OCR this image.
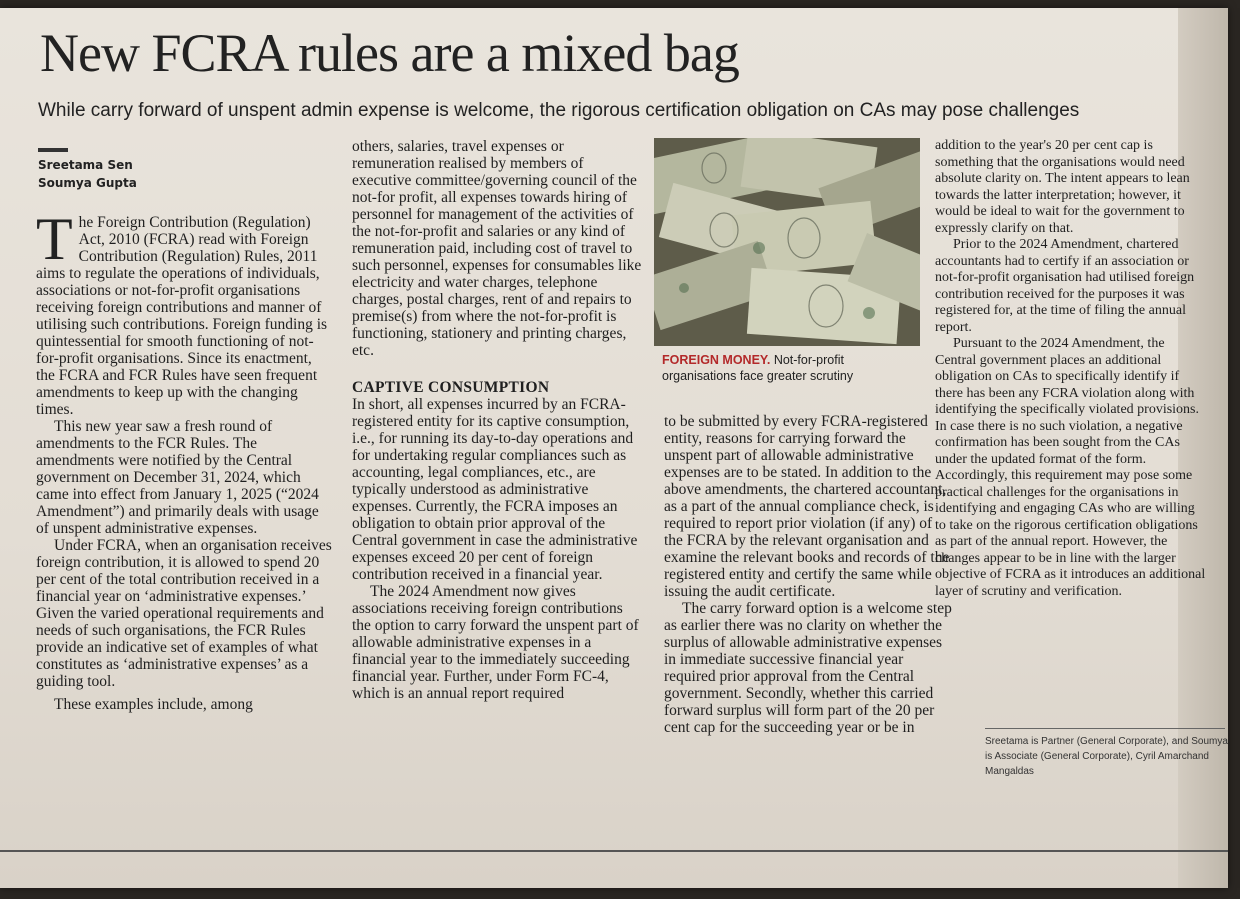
New FCRA rules are a mixed bag

While carry forward of unspent admin expense is welcome, the rigorous certification obligation on CAs may pose challenges

Sreetama Sen
Soumya Gupta

The Foreign Contribution (Regulation) Act, 2010 (FCRA) read with Foreign Contribution (Regulation) Rules, 2011 aims to regulate the operations of individuals, associations or not-for-profit organisations receiving foreign contributions and manner of utilising such contributions. Foreign funding is quintessential for smooth functioning of not-for-profit organisations. Since its enactment, the FCRA and FCR Rules have seen frequent amendments to keep up with the changing times.

This new year saw a fresh round of amendments to the FCR Rules. The amendments were notified by the Central government on December 31, 2024, which came into effect from January 1, 2025 (“2024 Amendment”) and primarily deals with usage of unspent administrative expenses.

Under FCRA, when an organisation receives foreign contribution, it is allowed to spend 20 per cent of the total contribution received in a financial year on ‘administrative expenses.’ Given the varied operational requirements and needs of such organisations, the FCR Rules provide an indicative set of examples of what constitutes as ‘administrative expenses’ as a guiding tool.

These examples include, among

others, salaries, travel expenses or remuneration realised by members of executive committee/governing council of the not-for profit, all expenses towards hiring of personnel for management of the activities of the not-for-profit and salaries or any kind of remuneration paid, including cost of travel to such personnel, expenses for consumables like electricity and water charges, telephone charges, postal charges, rent of and repairs to premise(s) from where the not-for-profit is functioning, stationery and printing charges, etc.

CAPTIVE CONSUMPTION

In short, all expenses incurred by an FCRA-registered entity for its captive consumption, i.e., for running its day-to-day operations and for undertaking regular compliances such as accounting, legal compliances, etc., are typically understood as administrative expenses. Currently, the FCRA imposes an obligation to obtain prior approval of the Central government in case the administrative expenses exceed 20 per cent of foreign contribution received in a financial year.

The 2024 Amendment now gives associations receiving foreign contributions the option to carry forward the unspent part of allowable administrative expenses in a financial year to the immediately succeeding financial year. Further, under Form FC-4, which is an annual report required

FOREIGN MONEY. Not-for-profit organisations face greater scrutiny

to be submitted by every FCRA-registered entity, reasons for carrying forward the unspent part of allowable administrative expenses are to be stated. In addition to the above amendments, the chartered accountant, as a part of the annual compliance check, is required to report prior violation (if any) of the FCRA by the relevant organisation and examine the relevant books and records of the registered entity and certify the same while issuing the audit certificate.

The carry forward option is a welcome step as earlier there was no clarity on whether the surplus of allowable administrative expenses in immediate successive financial year required prior approval from the Central government. Secondly, whether this carried forward surplus will form part of the 20 per cent cap for the succeeding year or be in

addition to the year's 20 per cent cap is something that the organisations would need absolute clarity on. The intent appears to lean towards the latter interpretation; however, it would be ideal to wait for the government to expressly clarify on that.

Prior to the 2024 Amendment, chartered accountants had to certify if an association or not-for-profit organisation had utilised foreign contribution received for the purposes it was registered for, at the time of filing the annual report.

Pursuant to the 2024 Amendment, the Central government places an additional obligation on CAs to specifically identify if there has been any FCRA violation along with identifying the specifically violated provisions. In case there is no such violation, a negative confirmation has been sought from the CAs under the updated format of the form. Accordingly, this requirement may pose some practical challenges for the organisations in identifying and engaging CAs who are willing to take on the rigorous certification obligations as part of the annual report. However, the changes appear to be in line with the larger objective of FCRA as it introduces an additional layer of scrutiny and verification.

Sreetama is Partner (General Corporate), and Soumya is Associate (General Corporate), Cyril Amarchand Mangaldas
